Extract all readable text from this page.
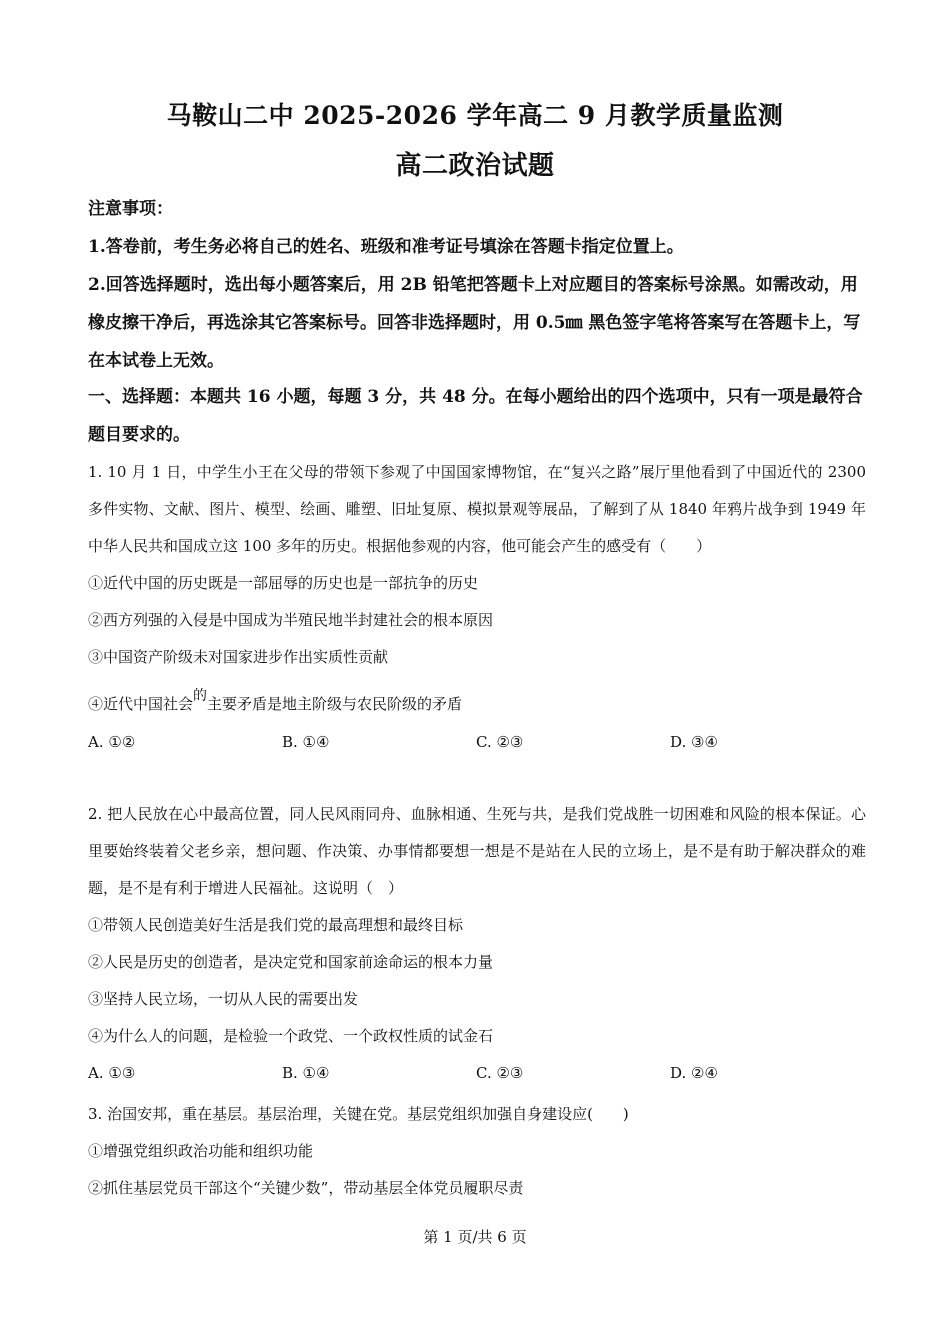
马鞍山二中 2025-2026 学年高二 9 月教学质量监测
高二政治试题
注意事项：

1.答卷前，考生务必将自己的姓名、班级和准考证号填涂在答题卡指定位置上。

2.回答选择题时，选出每小题答案后，用 2B 铅笔把答题卡上对应题目的答案标号涂黑。如需改动，用橡皮擦干净后，再选涂其它答案标号。回答非选择题时，用 0.5㎜ 黑色签字笔将答案写在答题卡上，写在本试卷上无效。

一、选择题：本题共 16 小题，每题 3 分，共 48 分。在每小题给出的四个选项中，只有一项是最符合题目要求的。

1. 10 月 1 日，中学生小王在父母的带领下参观了中国国家博物馆，在“复兴之路”展厅里他看到了中国近代的 2300 多件实物、文献、图片、模型、绘画、雕塑、旧址复原、模拟景观等展品，了解到了从 1840 年鸦片战争到 1949 年中华人民共和国成立这 100 多年的历史。根据他参观的内容，他可能会产生的感受有（　　）

①近代中国的历史既是一部屈辱的历史也是一部抗争的历史

②西方列强的入侵是中国成为半殖民地半封建社会的根本原因

③中国资产阶级未对国家进步作出实质性贡献

④近代中国社会的主要矛盾是地主阶级与农民阶级的矛盾

A. ①②	B. ①④	C. ②③	D. ③④

2. 把人民放在心中最高位置，同人民风雨同舟、血脉相通、生死与共，是我们党战胜一切困难和风险的根本保证。心里要始终装着父老乡亲，想问题、作决策、办事情都要想一想是不是站在人民的立场上，是不是有助于解决群众的难题，是不是有利于增进人民福祉。这说明（　）

①带领人民创造美好生活是我们党的最高理想和最终目标

②人民是历史的创造者，是决定党和国家前途命运的根本力量

③坚持人民立场，一切从人民的需要出发

④为什么人的问题，是检验一个政党、一个政权性质的试金石

A. ①③	B. ①④	C. ②③	D. ②④

3. 治国安邦，重在基层。基层治理，关键在党。基层党组织加强自身建设应(　　)

①增强党组织政治功能和组织功能

②抓住基层党员干部这个“关键少数”，带动基层全体党员履职尽责

第 1 页/共 6 页
